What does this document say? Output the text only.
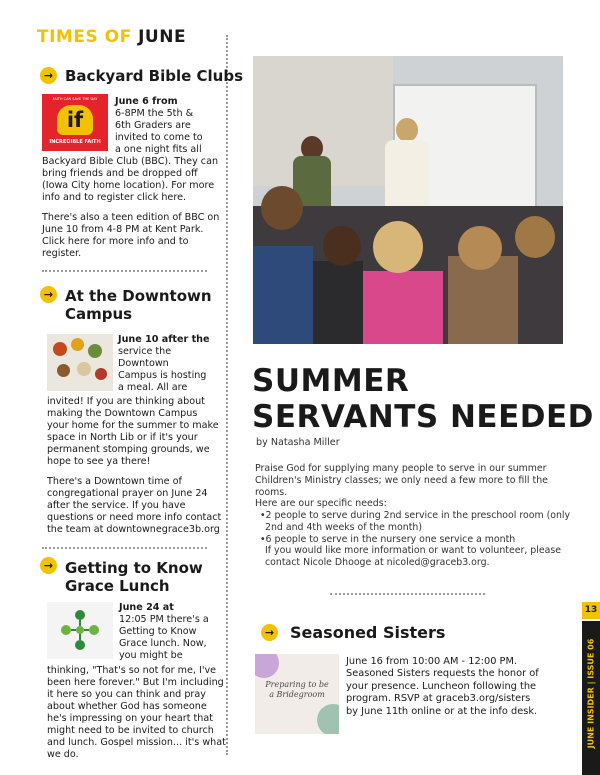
TIMES OF JUNE
→ Backyard Bible Clubs
FAITH CAN SAVE THE DAY
if
INCREDIBLE FAITH
June 6 from
6-8PM the 5th &
6th Graders are
invited to come to
a one night fits all
Backyard Bible Club (BBC). They can
bring friends and be dropped off
(Iowa City home location). For more
info and to register click here.
There's also a teen edition of BBC on
June 10 from 4-8 PM at Kent Park.
Click here for more info and to
register.
→ At the Downtown
Campus
June 10 after the
service the
Downtown
Campus is hosting
a meal. All are
invited! If you are thinking about
making the Downtown Campus
your home for the summer to make
space in North Lib or if it's your
permanent stomping grounds, we
hope to see ya there!
There's a Downtown time of
congregational prayer on June 24
after the service. If you have
questions or need more info contact
the team at downtownegrace3b.org
→ Getting to Know
Grace Lunch
June 24 at
12:05 PM there's a
Getting to Know
Grace lunch. Now,
you might be
thinking, "That's so not for me, I've
been here forever." But I'm including
it here so you can think and pray
about whether God has someone
he's impressing on your heart that
might need to be invited to church
and lunch. Gospel mission... it's what
we do.
SUMMER
SERVANTS NEEDED
by Natasha Miller
Praise God for supplying many people to serve in our summer
Children's Ministry classes; we only need a few more to fill the rooms.
Here are our specific needs:
•2 people to serve during 2nd service in the preschool room (only
2nd and 4th weeks of the month)
•6 people to serve in the nursery one service a month
If you would like more information or want to volunteer, please
contact Nicole Dhooge at nicoled@graceb3.org.
→ Seasoned Sisters
Preparing to be a Bridegroom
June 16 from 10:00 AM - 12:00 PM.
Seasoned Sisters requests the honor of
your presence. Luncheon following the
program. RSVP at graceb3.org/sisters
by June 11th online or at the info desk.
13
JUNE INSIDER | ISSUE 06
